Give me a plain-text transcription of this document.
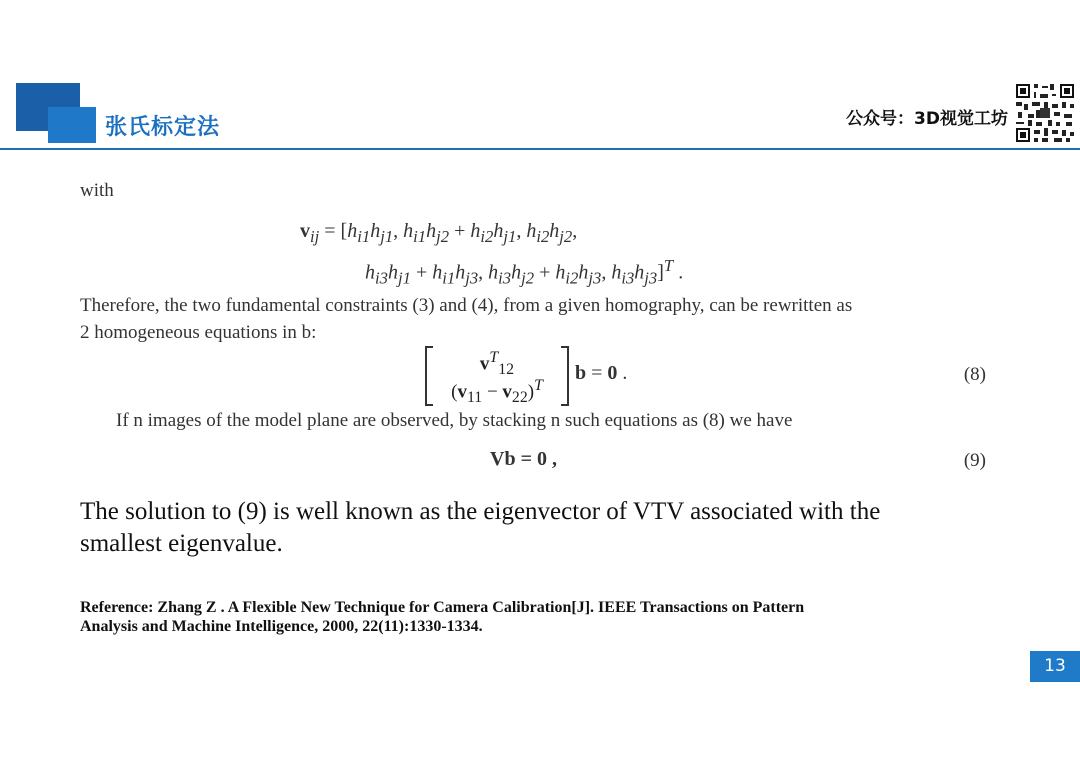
张氏标定法	公众号：3D视觉工坊
with
$v_{ij} = [h_{i1}h_{j1}$, $h_{i1}h_{j2} + h_{i2}h_{j1}$, $h_{i2}h_{j2}$,
$h_{i3}h_{j1} + h_{i1}h_{j3}$, $h_{i3}h_{j2} + h_{i2}h_{j3}$, $h_{i3}h_{j3}]^T$ .
Therefore, the two fundamental constraints (3) and (4), from a given homography, can be rewritten as
2 homogeneous equations in b:
$v^T_{12}$
$(v_{11} - v_{22})^T$
b = 0 .	(8)
If n images of the model plane are observed, by stacking n such equations as (8) we have
Vb = 0 ,	(9)
The solution to (9) is well known as the eigenvector of VTV associated with the
smallest eigenvalue.
Reference: Zhang Z . A Flexible New Technique for Camera Calibration[J]. IEEE Transactions on Pattern
Analysis and Machine Intelligence, 2000, 22(11):1330-1334.
13
